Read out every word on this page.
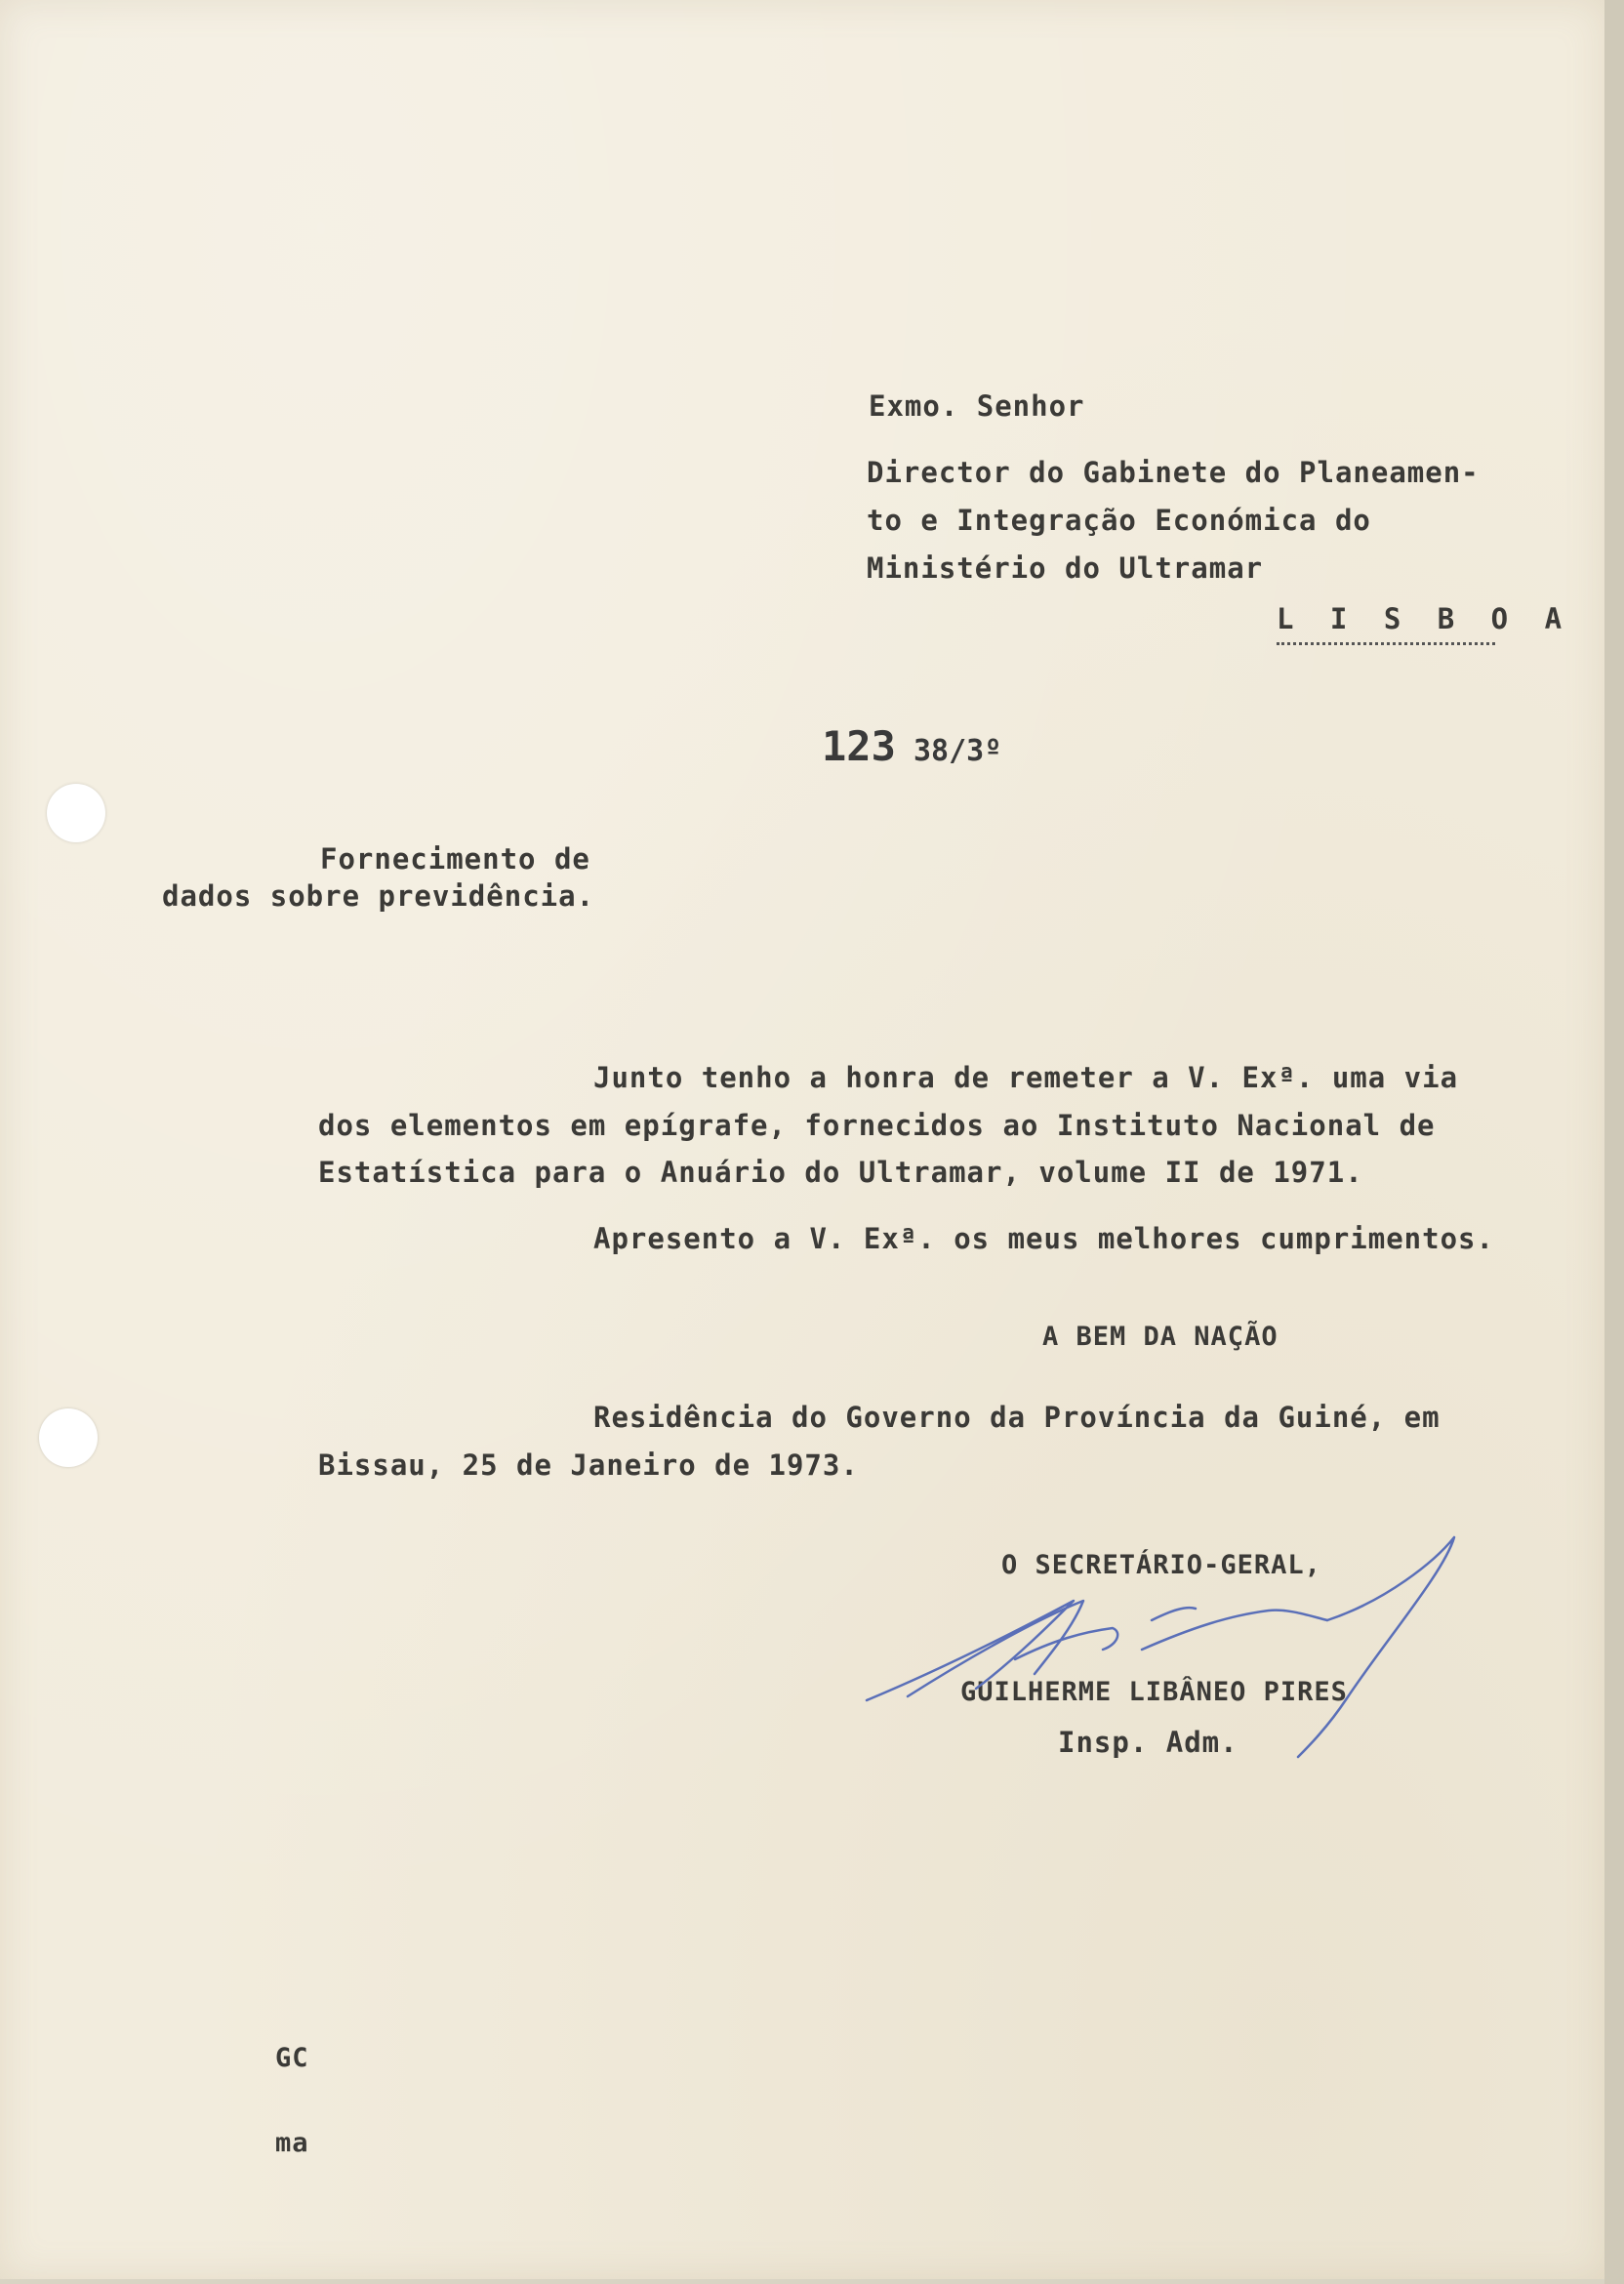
Exmo. Senhor
Director do Gabinete do Planeamen-
to e Integração Económica do
Ministério do Ultramar
L I S B O A
123 38/3º
Fornecimento de
dados sobre previdência.
Junto tenho a honra de remeter a V. Exª. uma via
dos elementos em epígrafe, fornecidos ao Instituto Nacional de
Estatística para o Anuário do Ultramar, volume II de 1971.
Apresento a V. Exª. os meus melhores cumprimentos.
A BEM DA NAÇÃO
Residência do Governo da Província da Guiné, em
Bissau, 25 de Janeiro de 1973.
O SECRETÁRIO-GERAL,
GUILHERME LIBÂNEO PIRES
Insp. Adm.
GC
ma
